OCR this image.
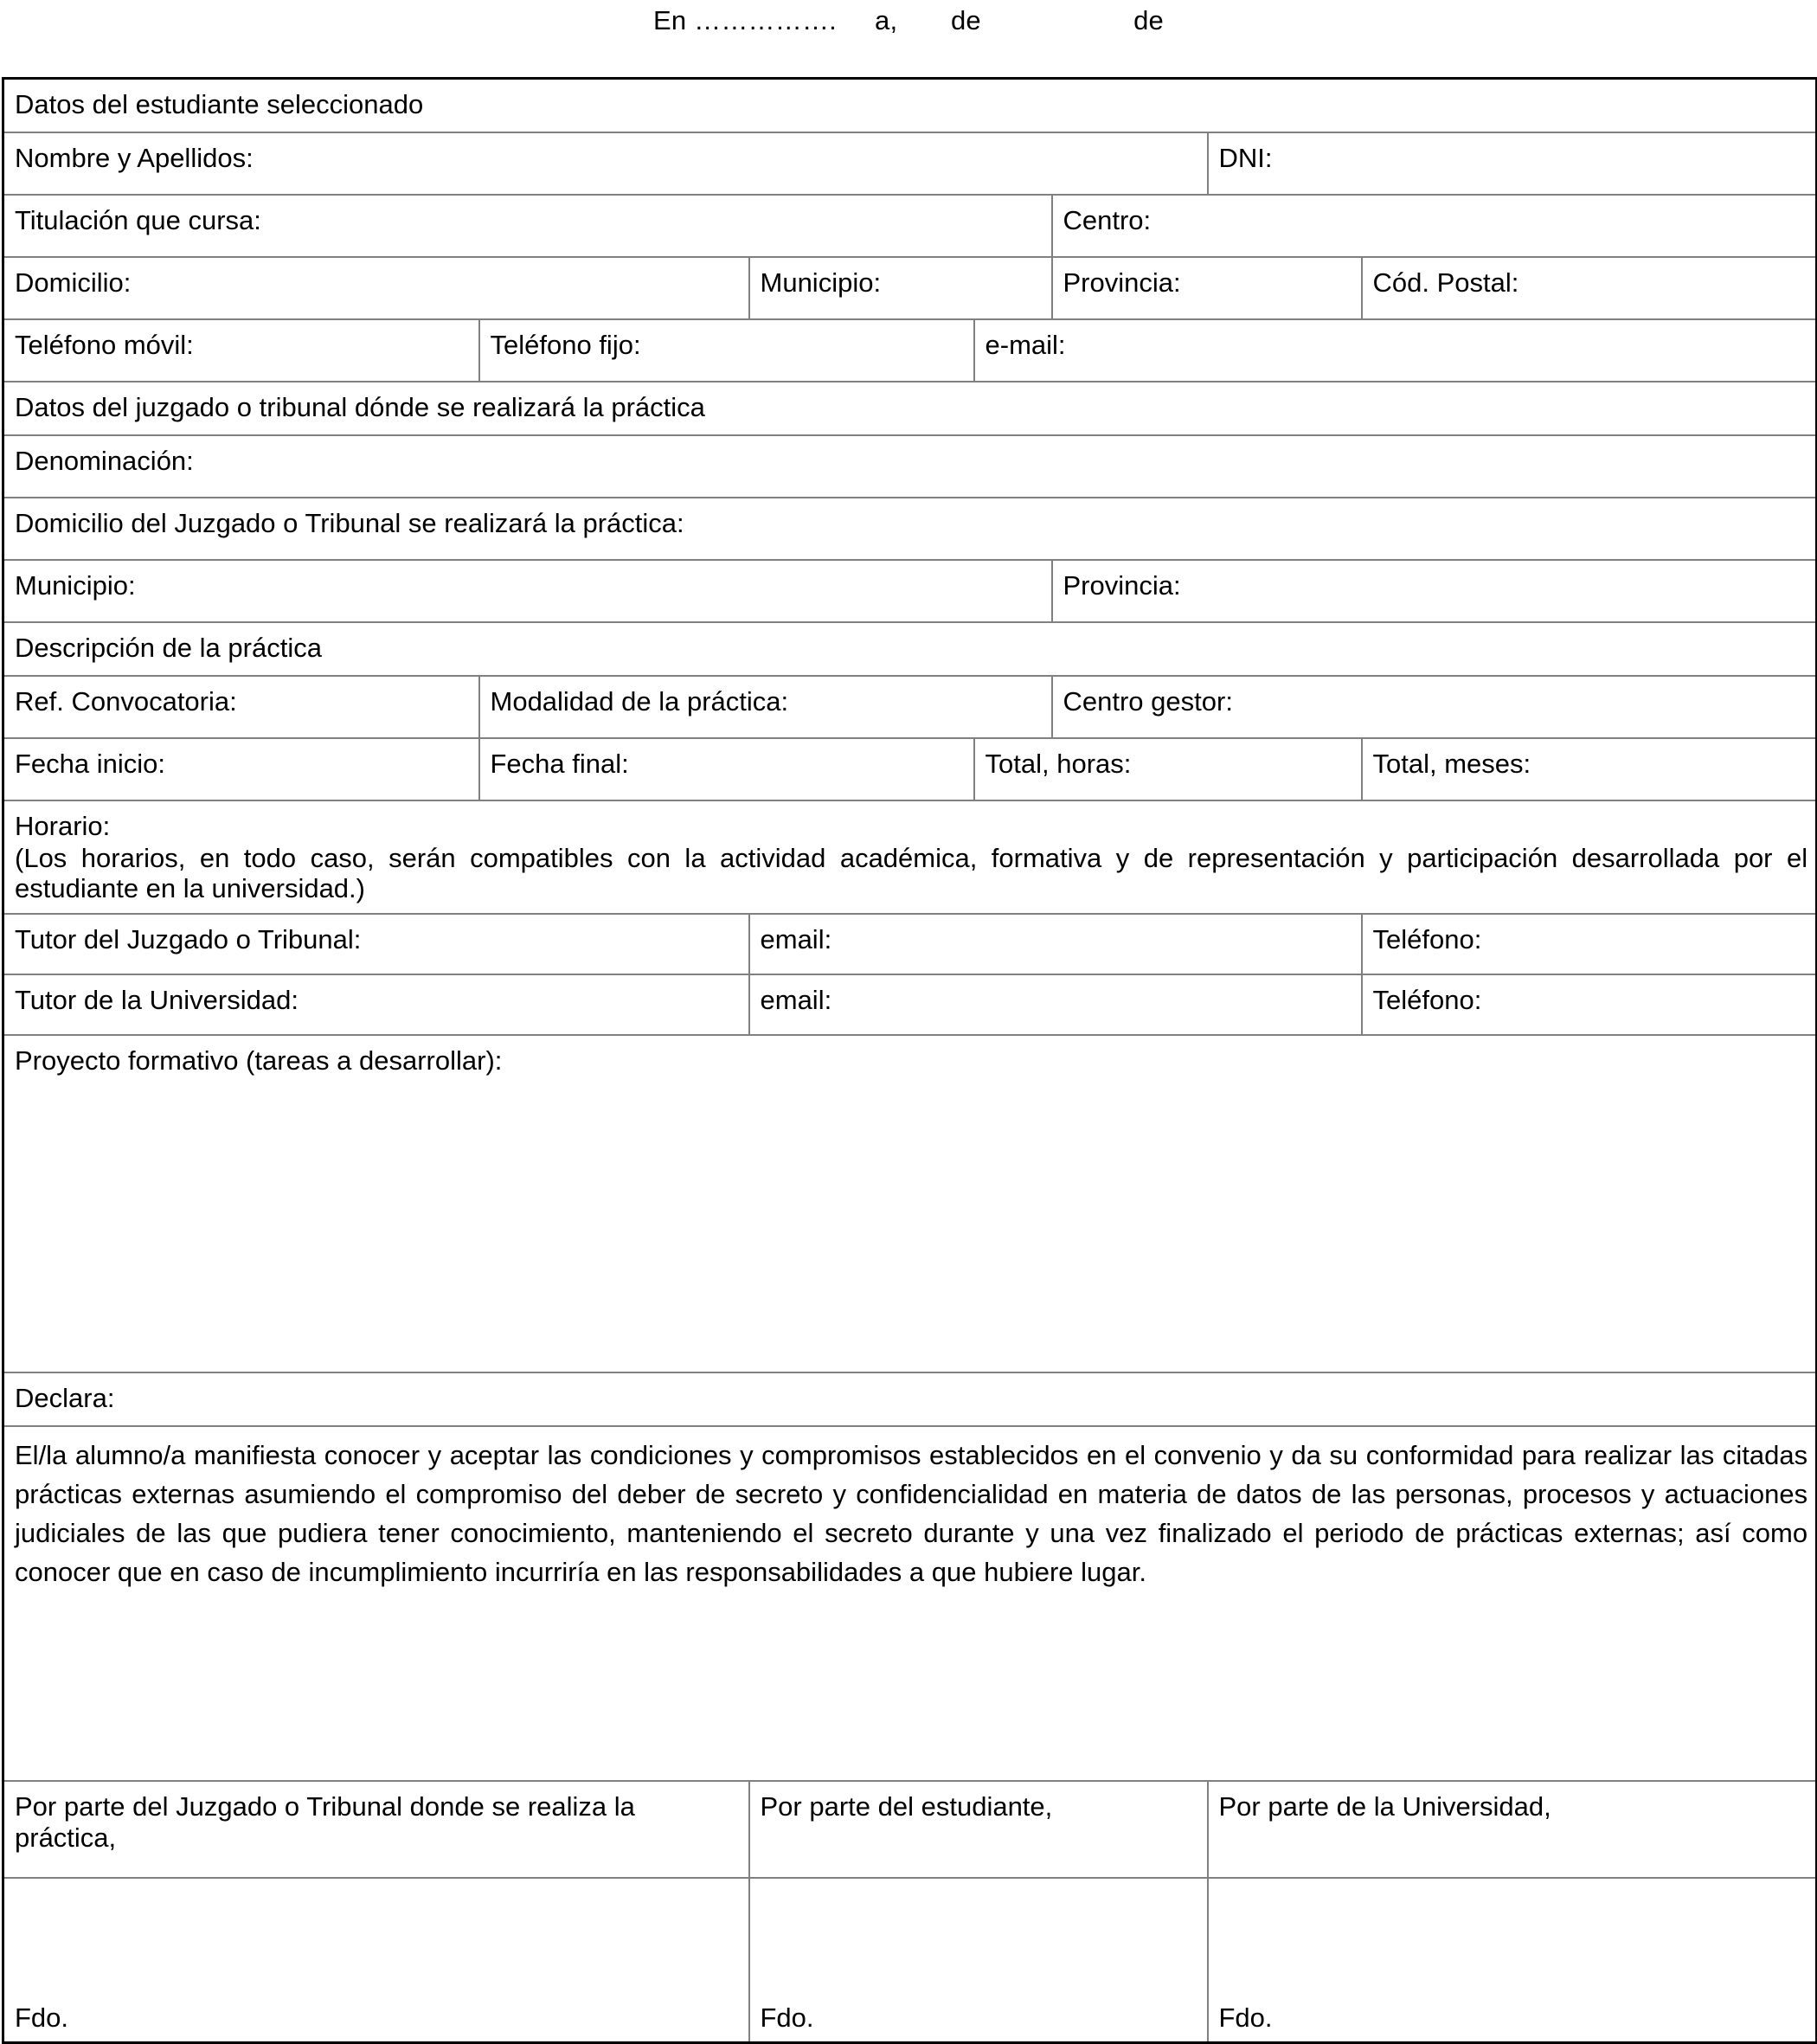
En …………….     a,       de                    de
Datos del estudiante seleccionado						
Nombre y Apellidos:					DNI:	
Titulación que cursa:				Centro:		
Domicilio:		Municipio:		Provincia:		Cód. Postal:
Teléfono móvil:	Teléfono fijo:		e-mail:			
Datos del juzgado o tribunal dónde se realizará la práctica						
Denominación:						
Domicilio del Juzgado o Tribunal se realizará la práctica:						
Municipio:				Provincia:		
Descripción de la práctica						
Ref. Convocatoria:	Modalidad de la práctica:			Centro gestor:		
Fecha inicio:	Fecha final:		Total, horas:			Total, meses:

Horario:
(Los horarios, en todo caso, serán compatibles con la actividad académica, formativa y de representación y participación desarrollada por el estudiante en la universidad.)						

Tutor del Juzgado o Tribunal:		email:				Teléfono:
Tutor de la Universidad:		email:				Teléfono:
Proyecto formativo (tareas a desarrollar):						
Declara:						

El/la alumno/a manifiesta conocer y aceptar las condiciones y compromisos establecidos en el convenio y da su conformidad para realizar las citadas prácticas externas asumiendo el compromiso del deber de secreto y confidencialidad en materia de datos de las personas, procesos y actuaciones judiciales de las que pudiera tener conocimiento, manteniendo el secreto durante y una vez finalizado el periodo de prácticas externas; así como conocer que en caso de incumplimiento incurriría en las responsabilidades a que hubiere lugar.						

Por parte del Juzgado o Tribunal donde se realiza la práctica,		Por parte del estudiante,			Por parte de la Universidad,	

Fdo.		Fdo.			Fdo.	
